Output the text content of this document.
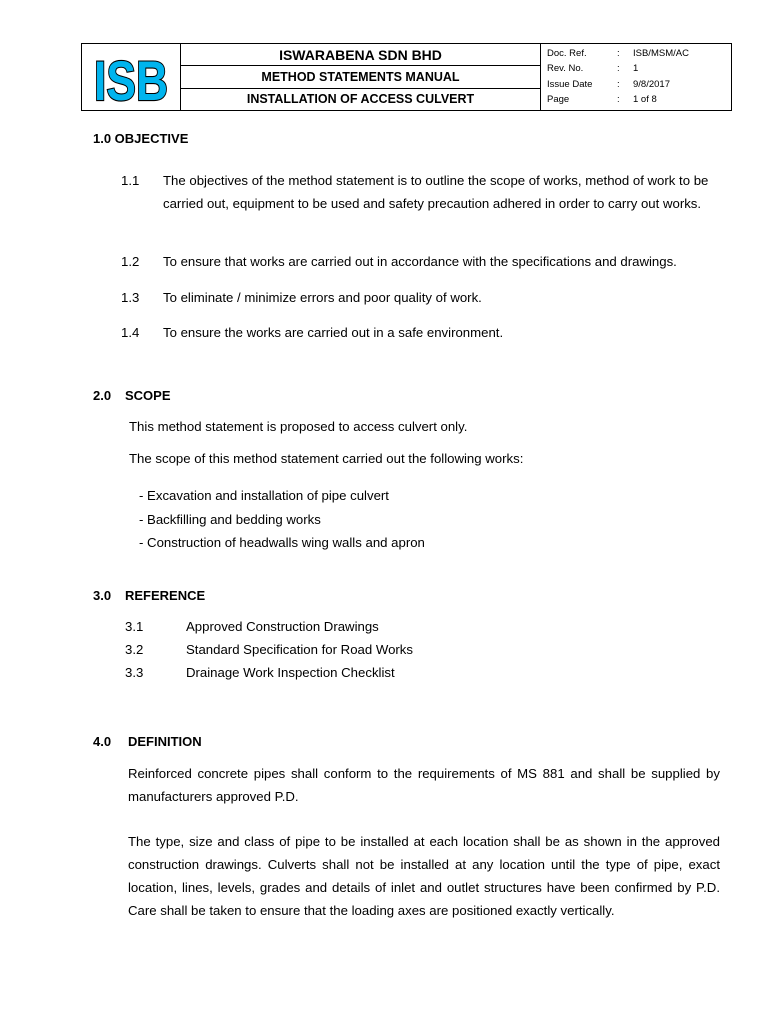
ISB	ISWARABENA SDN BHD
METHOD STATEMENTS MANUAL
INSTALLATION OF ACCESS CULVERT
Doc. Ref.	:	ISB/MSM/AC
Rev. No.	:	1
Issue Date	:	9/8/2017
Page	:	1 of 8
1.0 OBJECTIVE
1.1 The objectives of the method statement is to outline the scope of works, method of work to be carried out, equipment to be used and safety precaution adhered in order to carry out works.
1.2 To ensure that works are carried out in accordance with the specifications and drawings.
1.3 To eliminate / minimize errors and poor quality of work.
1.4 To ensure the works are carried out in a safe environment.
2.0 SCOPE
This method statement is proposed to access culvert only.
The scope of this method statement carried out the following works:
- Excavation and installation of pipe culvert
- Backfilling and bedding works
- Construction of headwalls wing walls and apron
3.0 REFERENCE
3.1	Approved Construction Drawings
3.2	Standard Specification for Road Works
3.3	Drainage Work Inspection Checklist
4.0 DEFINITION
Reinforced concrete pipes shall conform to the requirements of MS 881 and shall be supplied by manufacturers approved P.D.
The type, size and class of pipe to be installed at each location shall be as shown in the approved construction drawings. Culverts shall not be installed at any location until the type of pipe, exact location, lines, levels, grades and details of inlet and outlet structures have been confirmed by P.D. Care shall be taken to ensure that the loading axes are positioned exactly vertically.
